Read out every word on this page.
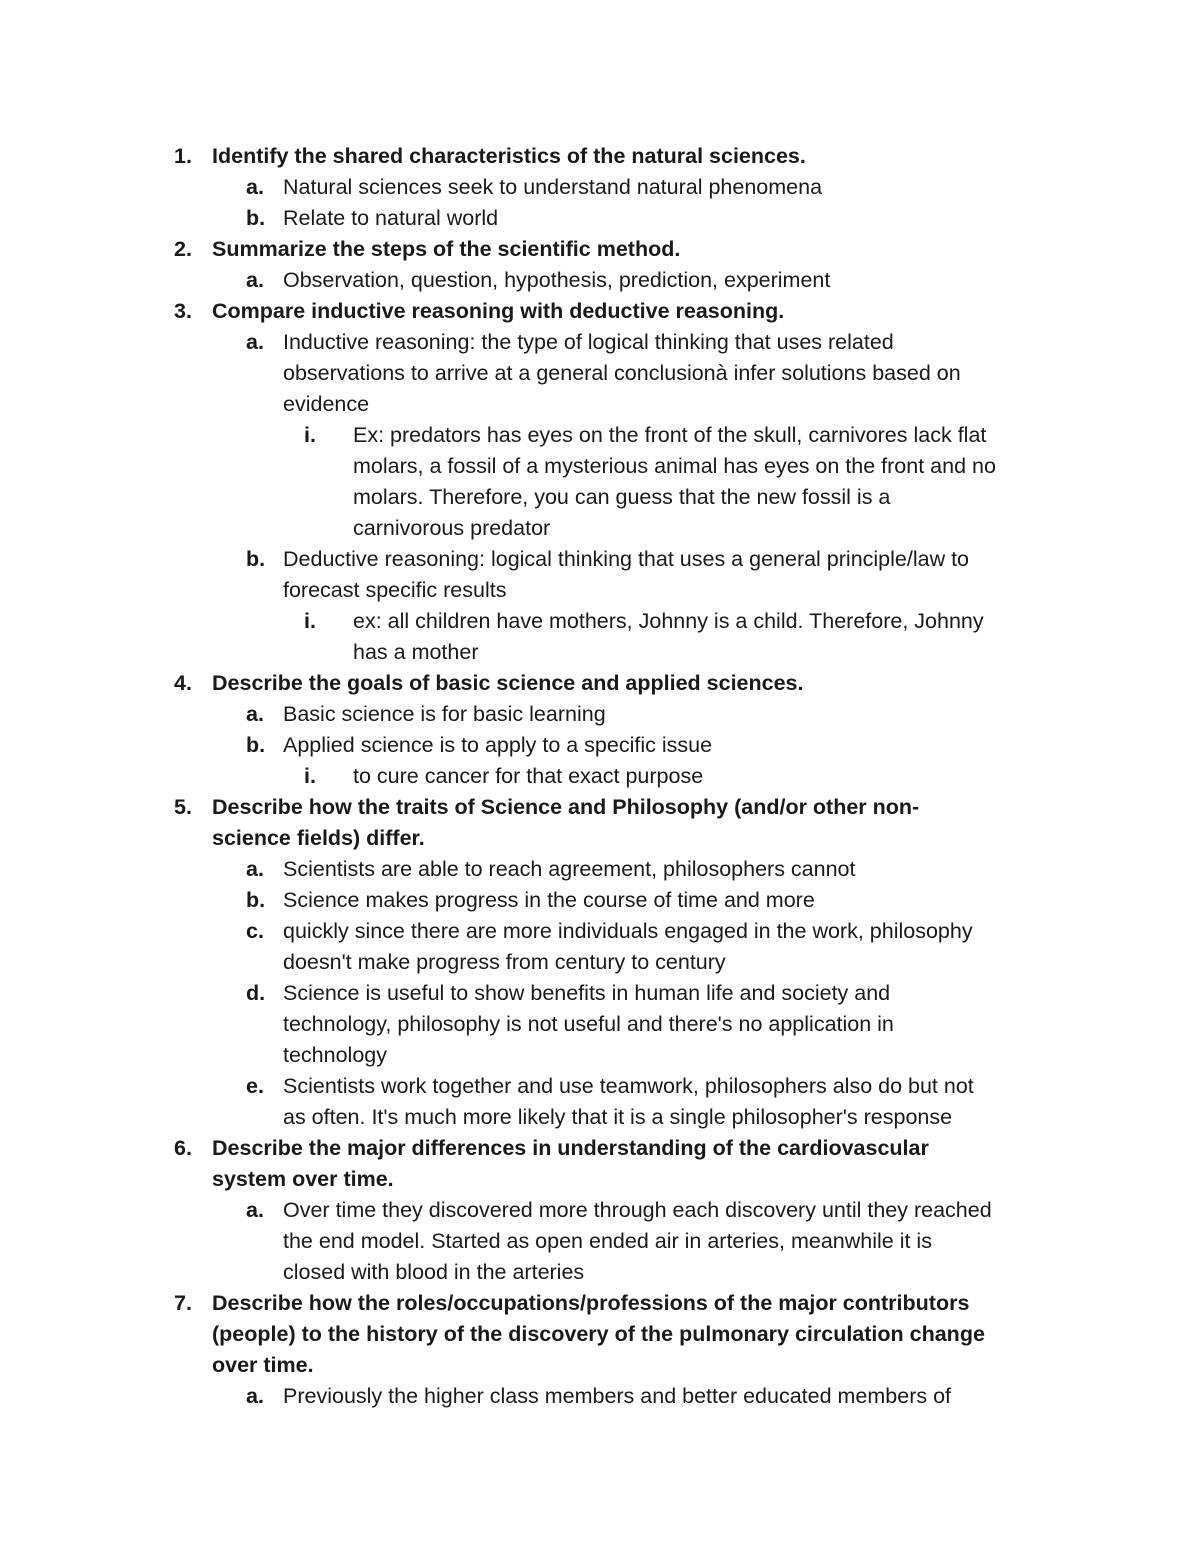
1. Identify the shared characteristics of the natural sciences.
a. Natural sciences seek to understand natural phenomena
b. Relate to natural world
2. Summarize the steps of the scientific method.
a. Observation, question, hypothesis, prediction, experiment
3. Compare inductive reasoning with deductive reasoning.
a. Inductive reasoning: the type of logical thinking that uses related
observations to arrive at a general conclusionà infer solutions based on
evidence
i. Ex: predators has eyes on the front of the skull, carnivores lack flat
molars, a fossil of a mysterious animal has eyes on the front and no
molars. Therefore, you can guess that the new fossil is a
carnivorous predator
b. Deductive reasoning: logical thinking that uses a general principle/law to
forecast specific results
i. ex: all children have mothers, Johnny is a child. Therefore, Johnny
has a mother
4. Describe the goals of basic science and applied sciences.
a. Basic science is for basic learning
b. Applied science is to apply to a specific issue
i. to cure cancer for that exact purpose
5. Describe how the traits of Science and Philosophy (and/or other non-
science fields) differ.
a. Scientists are able to reach agreement, philosophers cannot
b. Science makes progress in the course of time and more
c. quickly since there are more individuals engaged in the work, philosophy
doesn't make progress from century to century
d. Science is useful to show benefits in human life and society and
technology, philosophy is not useful and there's no application in
technology
e. Scientists work together and use teamwork, philosophers also do but not
as often. It's much more likely that it is a single philosopher's response
6. Describe the major differences in understanding of the cardiovascular
system over time.
a. Over time they discovered more through each discovery until they reached
the end model. Started as open ended air in arteries, meanwhile it is
closed with blood in the arteries
7. Describe how the roles/occupations/professions of the major contributors
(people) to the history of the discovery of the pulmonary circulation change
over time.
a. Previously the higher class members and better educated members of
